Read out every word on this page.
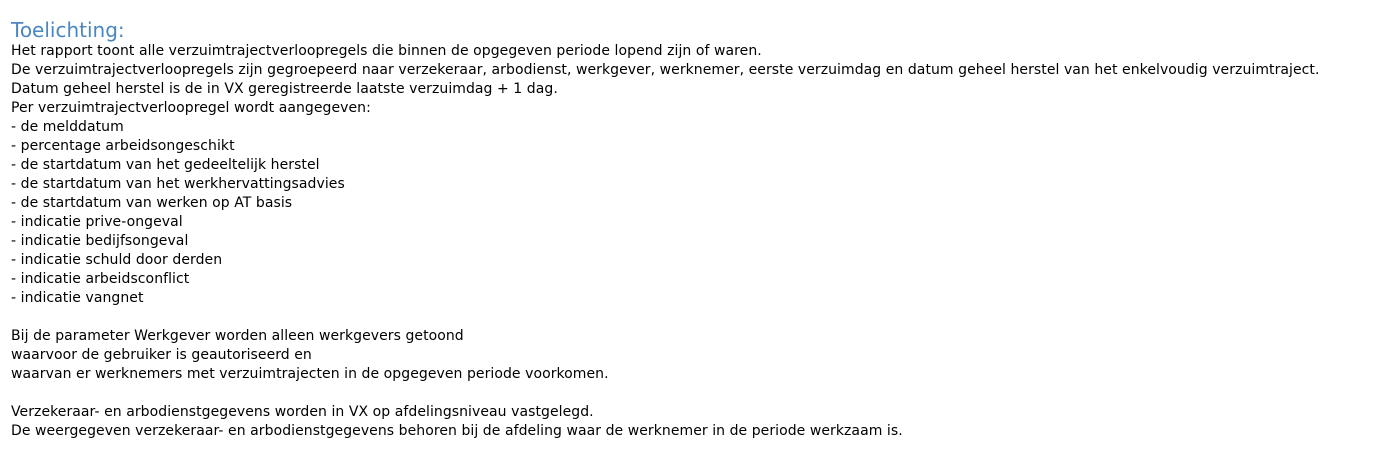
Toelichting:
Het rapport toont alle verzuimtrajectverloopregels die binnen de opgegeven periode lopend zijn of waren.
De verzuimtrajectverloopregels zijn gegroepeerd naar verzekeraar, arbodienst, werkgever, werknemer, eerste verzuimdag en datum geheel herstel van het enkelvoudig verzuimtraject.
Datum geheel herstel is de in VX geregistreerde laatste verzuimdag + 1 dag.
Per verzuimtrajectverloopregel wordt aangegeven:
- de melddatum
- percentage arbeidsongeschikt
- de startdatum van het gedeeltelijk herstel
- de startdatum van het werkhervattingsadvies
- de startdatum van werken op AT basis
- indicatie prive-ongeval
- indicatie bedijfsongeval
- indicatie schuld door derden
- indicatie arbeidsconflict
- indicatie vangnet
Bij de parameter Werkgever worden alleen werkgevers getoond
waarvoor de gebruiker is geautoriseerd en
waarvan er werknemers met verzuimtrajecten in de opgegeven periode voorkomen.
Verzekeraar- en arbodienstgegevens worden in VX op afdelingsniveau vastgelegd.
De weergegeven verzekeraar- en arbodienstgegevens behoren bij de afdeling waar de werknemer in de periode werkzaam is.
